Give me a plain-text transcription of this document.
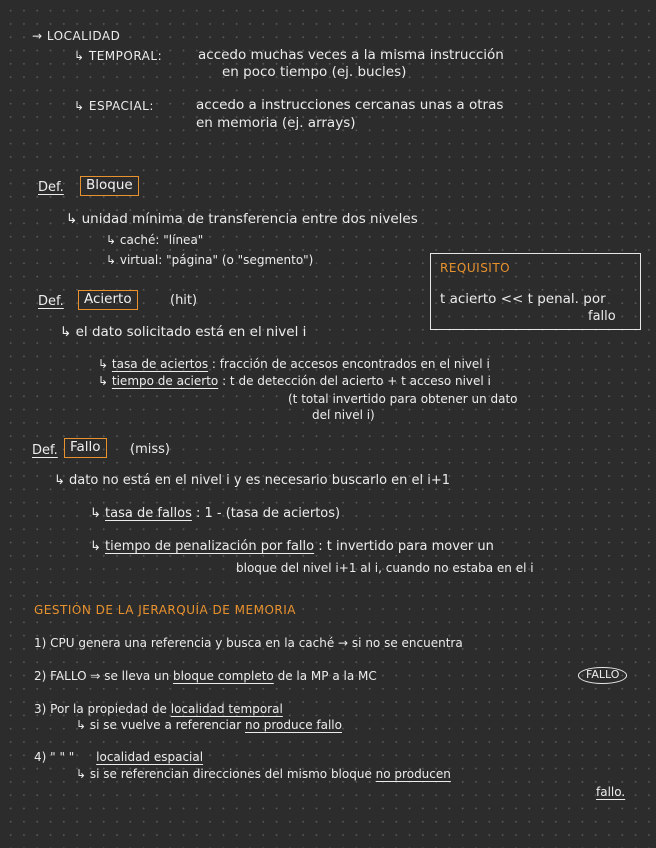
→ LOCALIDAD
↳ TEMPORAL:	accedo muchas veces a la misma instrucción
en poco tiempo (ej. bucles)
↳ ESPACIAL:	accedo a instrucciones cercanas unas a otras
en memoria (ej. arrays)
Def.	Bloque
↳ unidad mínima de transferencia entre dos niveles
↳ caché: "línea"
↳ virtual: "página" (o "segmento")
REQUISITO
t acierto << t penal. por
fallo
Def.	Acierto	(hit)
↳ el dato solicitado está en el nivel i
↳ tasa de aciertos : fracción de accesos encontrados en el nivel i
↳ tiempo de acierto : t de detección del acierto + t acceso nivel i
(t total invertido para obtener un dato
del nivel i)
Def. Fallo	(miss)
↳ dato no está en el nivel i y es necesario buscarlo en el i+1
↳ tasa de fallos : 1 - (tasa de aciertos)
↳ tiempo de penalización por fallo : t invertido para mover un
bloque del nivel i+1 al i, cuando no estaba en el i
GESTIÓN DE LA JERARQUÍA DE MEMORIA
1) CPU genera una referencia y busca en la caché → si no se encuentra
FALLO
2) FALLO ⇒ se lleva un bloque completo de la MP a la MC
3) Por la propiedad de localidad temporal
↳ si se vuelve a referenciar no produce fallo
4) " " " localidad espacial
↳ si se referencian direcciones del mismo bloque no producen
fallo.
